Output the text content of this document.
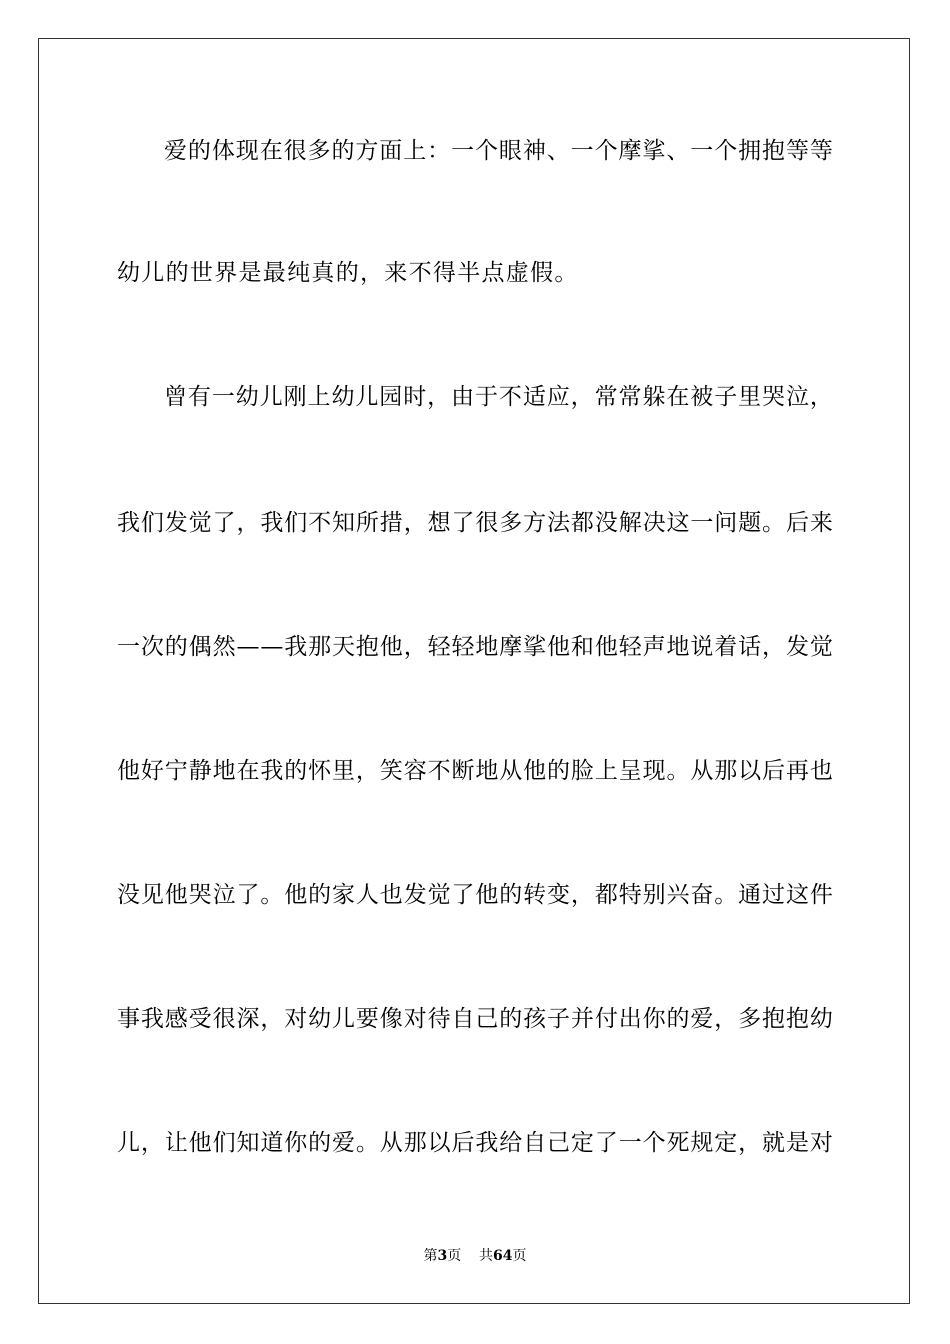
爱 的 体 现 在 很 多 的 方 面 上 ： 一 个 眼 神 、 一 个 摩 挲 、 一 个 拥 抱 等 等
幼儿的世界是最纯真的，来不得半点虚假。
曾 有 一 幼 儿 刚 上 幼 儿 园 时 ， 由 于 不 适 应 ， 常 常 躲 在 被 子 里 哭 泣 ，
我 们 发 觉 了 ， 我 们 不 知 所 措 ， 想 了 很 多 方 法 都 没 解 决 这 一 问 题 。 后 来
一 次 的 偶 然 — — 我 那 天 抱 他 ， 轻 轻 地 摩 挲 他 和 他 轻 声 地 说 着 话 ， 发 觉
他 好 宁 静 地 在 我 的 怀 里 ， 笑 容 不 断 地 从 他 的 脸 上 呈 现 。 从 那 以 后 再 也
没 见 他 哭 泣 了 。 他 的 家 人 也 发 觉 了 他 的 转 变 ， 都 特 别 兴 奋 。 通 过 这 件
事 我 感 受 很 深 ， 对 幼 儿 要 像 对 待 自 己 的 孩 子 并 付 出 你 的 爱 ， 多 抱 抱 幼
儿 ， 让 他 们 知 道 你 的 爱 。 从 那 以 后 我 给 自 己 定 了 一 个 死 规 定 ， 就 是 对
第3页 共64页
